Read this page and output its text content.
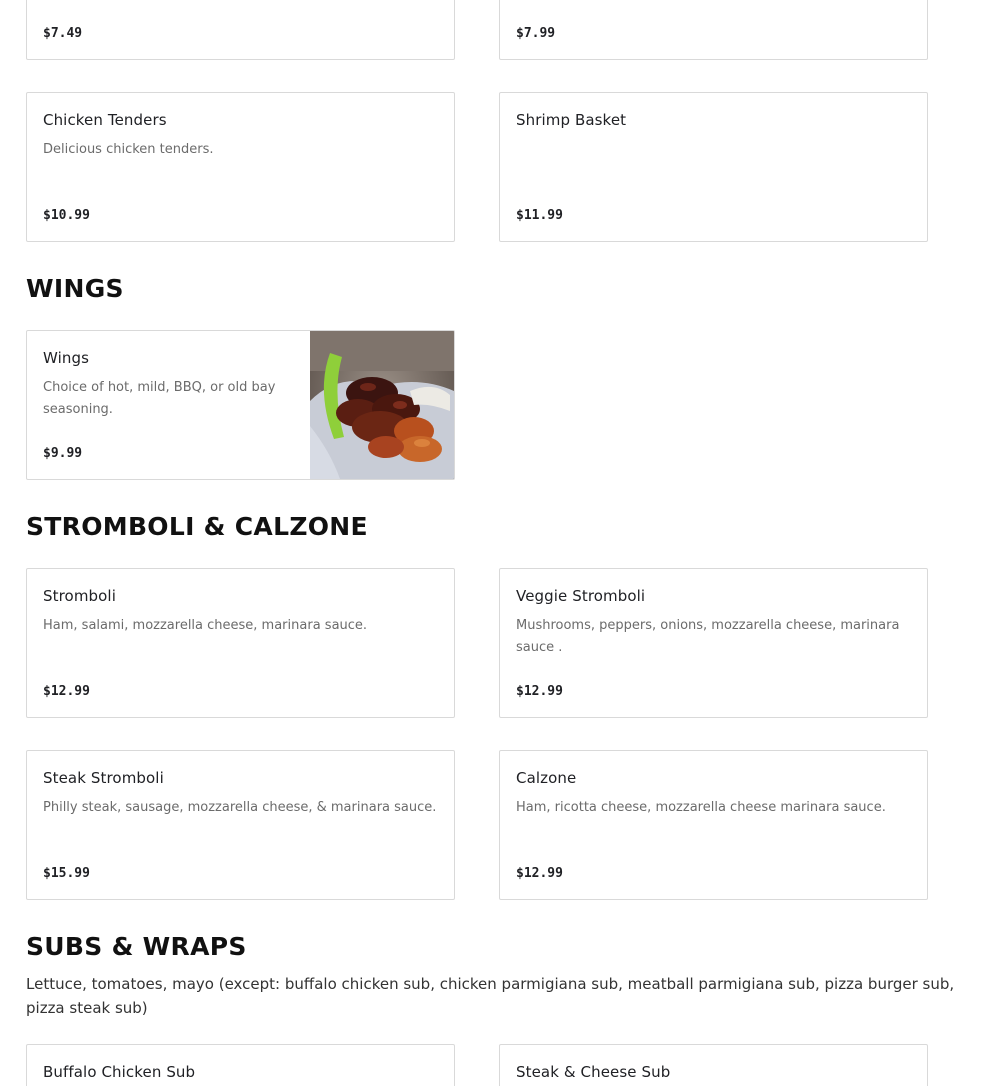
$7.49	$7.99
Chicken Tenders
Delicious chicken tenders.
$10.99
Shrimp Basket
$11.99
WINGS
Wings
Choice of hot, mild, BBQ, or old bay seasoning.
$9.99
STROMBOLI & CALZONE
Stromboli
Ham, salami, mozzarella cheese, marinara sauce.
$12.99
Veggie Stromboli
Mushrooms, peppers, onions, mozzarella cheese, marinara sauce .
$12.99
Steak Stromboli
Philly steak, sausage, mozzarella cheese, & marinara sauce.
$15.99
Calzone
Ham, ricotta cheese, mozzarella cheese marinara sauce.
$12.99
SUBS & WRAPS
Lettuce, tomatoes, mayo (except: buffalo chicken sub, chicken parmigiana sub, meatball parmigiana sub, pizza burger sub, pizza steak sub)
Buffalo Chicken Sub	Steak & Cheese Sub
